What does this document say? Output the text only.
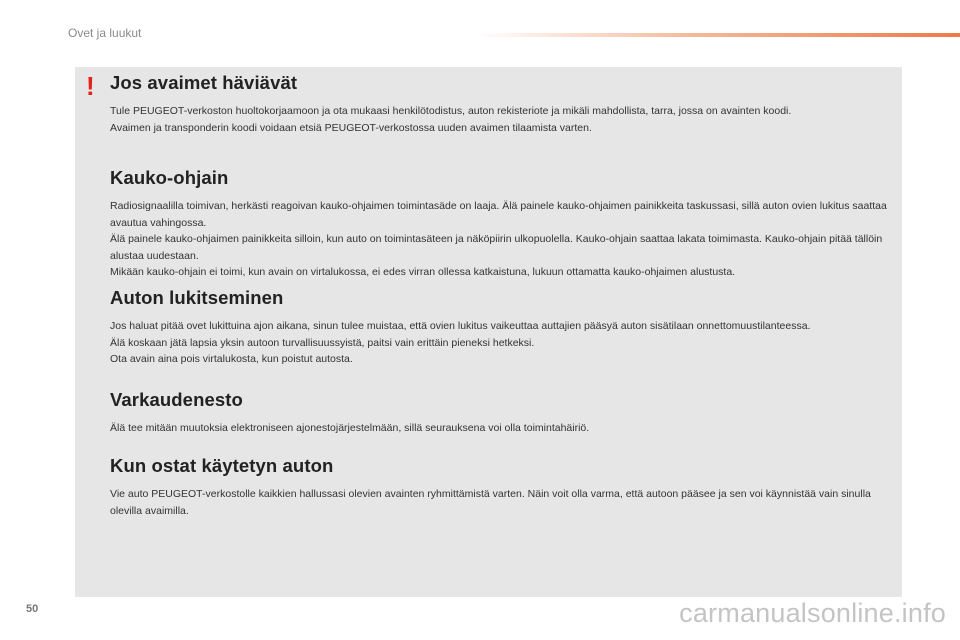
Ovet ja luukut
! Jos avaimet häviävät

Tule PEUGEOT-verkoston huoltokorjaamoon ja ota mukaasi henkilötodistus, auton rekisteriote ja mikäli mahdollista, tarra, jossa on avainten koodi.

Avaimen ja transponderin koodi voidaan etsiä PEUGEOT-verkostossa uuden avaimen tilaamista varten.

Kauko-ohjain

Radiosignaalilla toimivan, herkästi reagoivan kauko-ohjaimen toimintasäde on laaja. Älä painele kauko-ohjaimen painikkeita taskussasi, sillä auton ovien lukitus saattaa avautua vahingossa.

Älä painele kauko-ohjaimen painikkeita silloin, kun auto on toimintasäteen ja näköpiirin ulkopuolella. Kauko-ohjain saattaa lakata toimimasta. Kauko-ohjain pitää tällöin alustaa uudestaan.

Mikään kauko-ohjain ei toimi, kun avain on virtalukossa, ei edes virran ollessa katkaistuna, lukuun ottamatta kauko-ohjaimen alustusta.

Auton lukitseminen

Jos haluat pitää ovet lukittuina ajon aikana, sinun tulee muistaa, että ovien lukitus vaikeuttaa auttajien pääsyä auton sisätilaan onnettomuustilanteessa.

Älä koskaan jätä lapsia yksin autoon turvallisuussyistä, paitsi vain erittäin pieneksi hetkeksi.

Ota avain aina pois virtalukosta, kun poistut autosta.

Varkaudenesto

Älä tee mitään muutoksia elektroniseen ajonestojärjestelmään, sillä seurauksena voi olla toimintahäiriö.

Kun ostat käytetyn auton

Vie auto PEUGEOT-verkostolle kaikkien hallussasi olevien avainten ryhmittämistä varten. Näin voit olla varma, että autoon pääsee ja sen voi käynnistää vain sinulla olevilla avaimilla.

50	carmanualsonline.info
